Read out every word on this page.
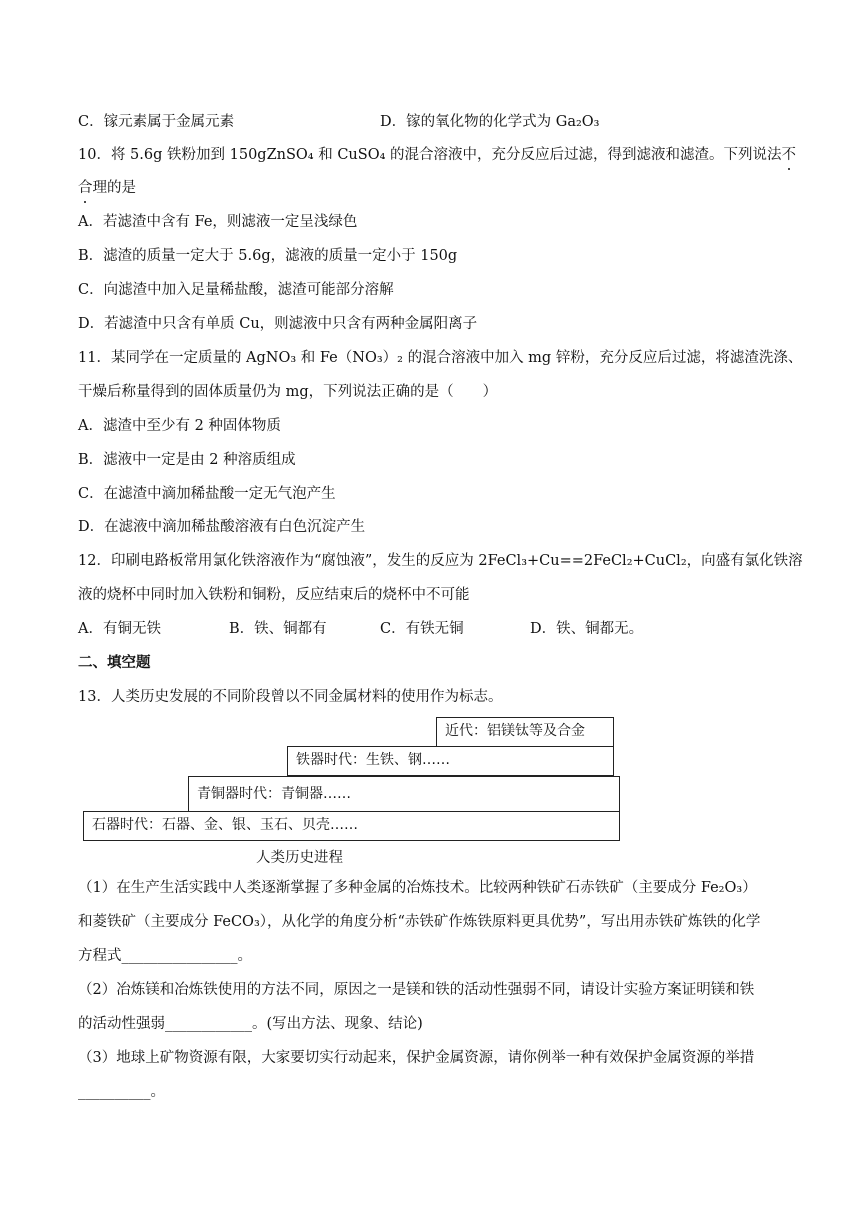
C．镓元素属于金属元素	D．镓的氧化物的化学式为 Ga₂O₃
10．将 5.6g 铁粉加到 150gZnSO₄ 和 CuSO₄ 的混合溶液中，充分反应后过滤，得到滤液和滤渣。下列说法不
合理的是
A．若滤渣中含有 Fe，则滤液一定呈浅绿色
B．滤渣的质量一定大于 5.6g，滤液的质量一定小于 150g
C．向滤渣中加入足量稀盐酸，滤渣可能部分溶解
D．若滤渣中只含有单质 Cu，则滤液中只含有两种金属阳离子
11．某同学在一定质量的 AgNO₃ 和 Fe（NO₃）₂ 的混合溶液中加入 mg 锌粉，充分反应后过滤，将滤渣洗涤、
干燥后称量得到的固体质量仍为 mg，下列说法正确的是（　　）
A．滤渣中至少有 2 种固体物质
B．滤液中一定是由 2 种溶质组成
C．在滤渣中滴加稀盐酸一定无气泡产生
D．在滤液中滴加稀盐酸溶液有白色沉淀产生
12．印刷电路板常用氯化铁溶液作为“腐蚀液”，发生的反应为 2FeCl₃+Cu==2FeCl₂+CuCl₂，向盛有氯化铁溶
液的烧杯中同时加入铁粉和铜粉，反应结束后的烧杯中不可能
A．有铜无铁	B．铁、铜都有	C．有铁无铜	D．铁、铜都无。
二、填空题
13．人类历史发展的不同阶段曾以不同金属材料的使用作为标志。
近代：铝镁钛等及合金
铁器时代：生铁、钢……
青铜器时代：青铜器……
石器时代：石器、金、银、玉石、贝壳……
人类历史进程
（1）在生产生活实践中人类逐渐掌握了多种金属的冶炼技术。比较两种铁矿石赤铁矿（主要成分 Fe₂O₃）
和菱铁矿（主要成分 FeCO₃），从化学的角度分析“赤铁矿作炼铁原料更具优势”，写出用赤铁矿炼铁的化学
方程式________________。
（2）冶炼镁和冶炼铁使用的方法不同，原因之一是镁和铁的活动性强弱不同，请设计实验方案证明镁和铁
的活动性强弱____________。(写出方法、现象、结论)
（3）地球上矿物资源有限，大家要切实行动起来，保护金属资源，请你例举一种有效保护金属资源的举措
__________。
